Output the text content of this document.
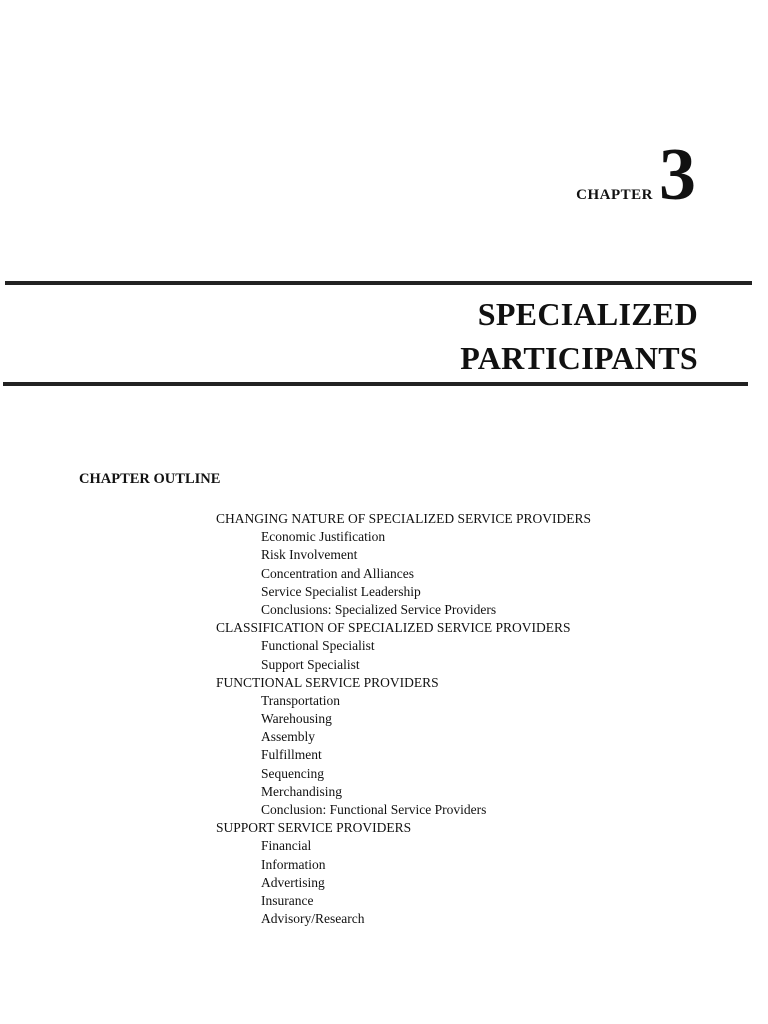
CHAPTER 3
SPECIALIZED
PARTICIPANTS
CHAPTER OUTLINE
CHANGING NATURE OF SPECIALIZED SERVICE PROVIDERS
Economic Justification
Risk Involvement
Concentration and Alliances
Service Specialist Leadership
Conclusions: Specialized Service Providers
CLASSIFICATION OF SPECIALIZED SERVICE PROVIDERS
Functional Specialist
Support Specialist
FUNCTIONAL SERVICE PROVIDERS
Transportation
Warehousing
Assembly
Fulfillment
Sequencing
Merchandising
Conclusion: Functional Service Providers
SUPPORT SERVICE PROVIDERS
Financial
Information
Advertising
Insurance
Advisory/Research
